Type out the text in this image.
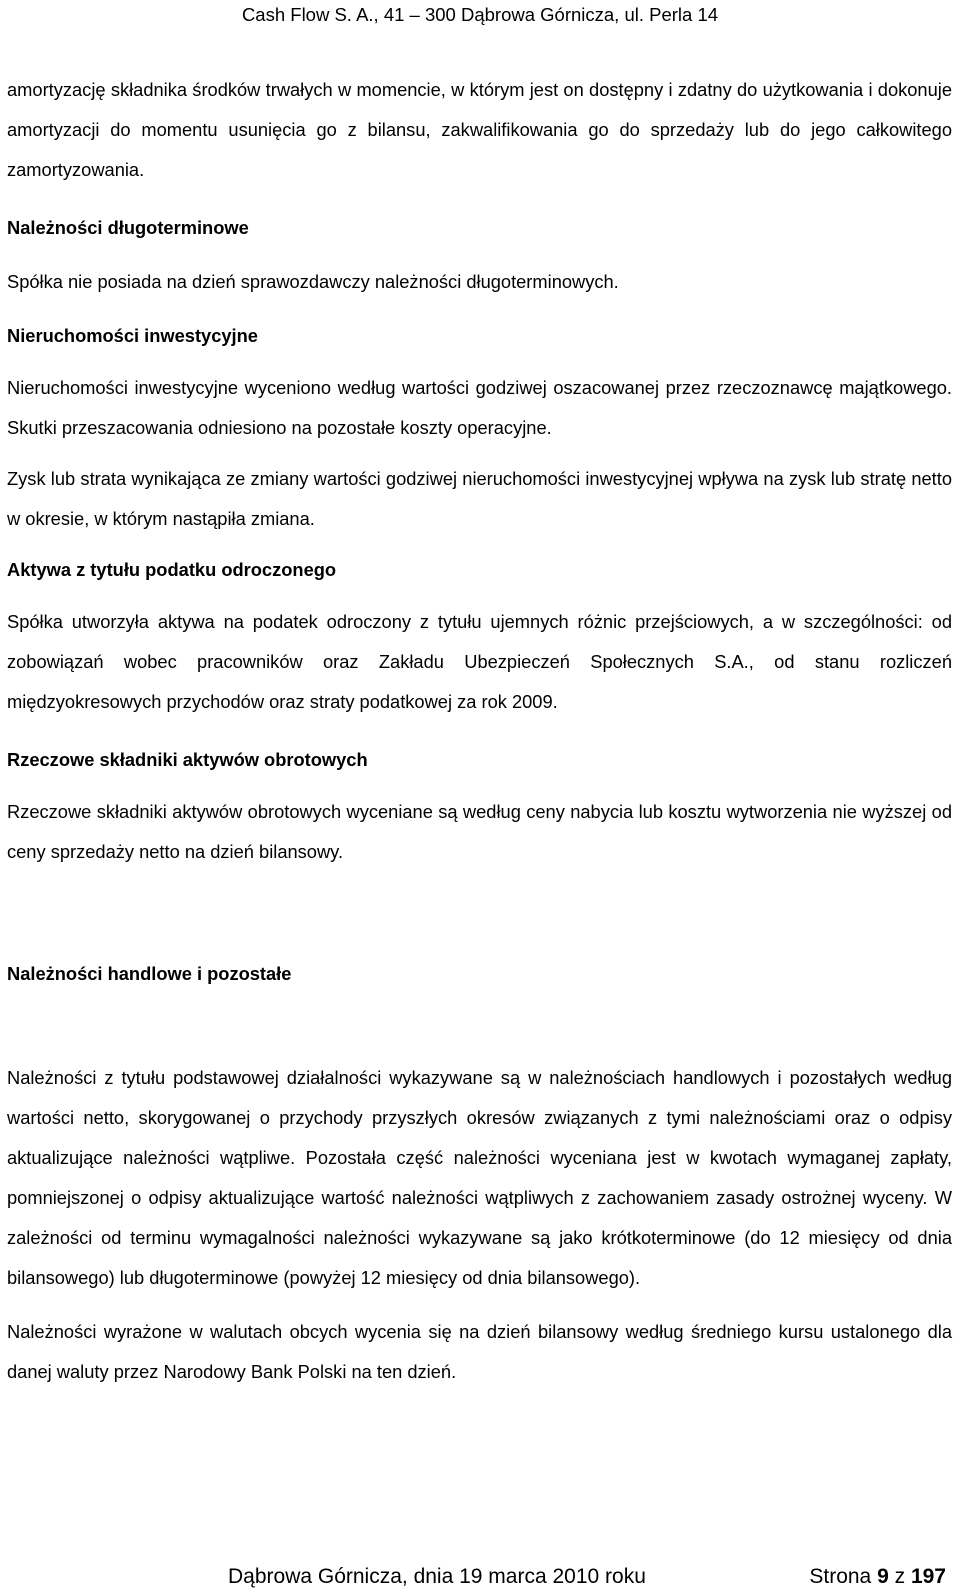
Cash Flow S. A., 41 – 300 Dąbrowa Górnicza, ul. Perla 14

amortyzację składnika środków trwałych w momencie, w którym jest on dostępny i zdatny do użytkowania i dokonuje amortyzacji do momentu usunięcia go z bilansu, zakwalifikowania go do sprzedaży lub do jego całkowitego zamortyzowania.

Należności długoterminowe

Spółka nie posiada na dzień sprawozdawczy należności długoterminowych.

Nieruchomości inwestycyjne

Nieruchomości inwestycyjne wyceniono według wartości godziwej oszacowanej przez rzeczoznawcę majątkowego. Skutki przeszacowania odniesiono na pozostałe koszty operacyjne.

Zysk lub strata wynikająca ze zmiany wartości godziwej nieruchomości inwestycyjnej wpływa na zysk lub stratę netto w okresie, w którym nastąpiła zmiana.

Aktywa z tytułu podatku odroczonego

Spółka utworzyła aktywa na podatek odroczony z tytułu ujemnych różnic przejściowych, a w szczególności: od zobowiązań wobec pracowników oraz Zakładu Ubezpieczeń Społecznych S.A., od stanu rozliczeń międzyokresowych przychodów oraz straty podatkowej za rok 2009.

Rzeczowe składniki aktywów obrotowych

Rzeczowe składniki aktywów obrotowych wyceniane są według ceny nabycia lub kosztu wytworzenia nie wyższej od ceny sprzedaży netto na dzień bilansowy.

Należności handlowe i pozostałe

Należności z tytułu podstawowej działalności wykazywane są w należnościach handlowych i pozostałych według wartości netto, skorygowanej o przychody przyszłych okresów związanych z tymi należnościami oraz o odpisy aktualizujące należności wątpliwe. Pozostała część należności wyceniana jest w kwotach wymaganej zapłaty, pomniejszonej o odpisy aktualizujące wartość należności wątpliwych z zachowaniem zasady ostrożnej wyceny. W zależności od terminu wymagalności należności wykazywane są jako krótkoterminowe (do 12 miesięcy od dnia bilansowego) lub długoterminowe (powyżej 12 miesięcy od dnia bilansowego).

Należności wyrażone w walutach obcych wycenia się na dzień bilansowy według średniego kursu ustalonego dla danej waluty przez Narodowy Bank Polski na ten dzień.

Dąbrowa Górnicza, dnia 19 marca 2010 roku	Strona 9 z 197
